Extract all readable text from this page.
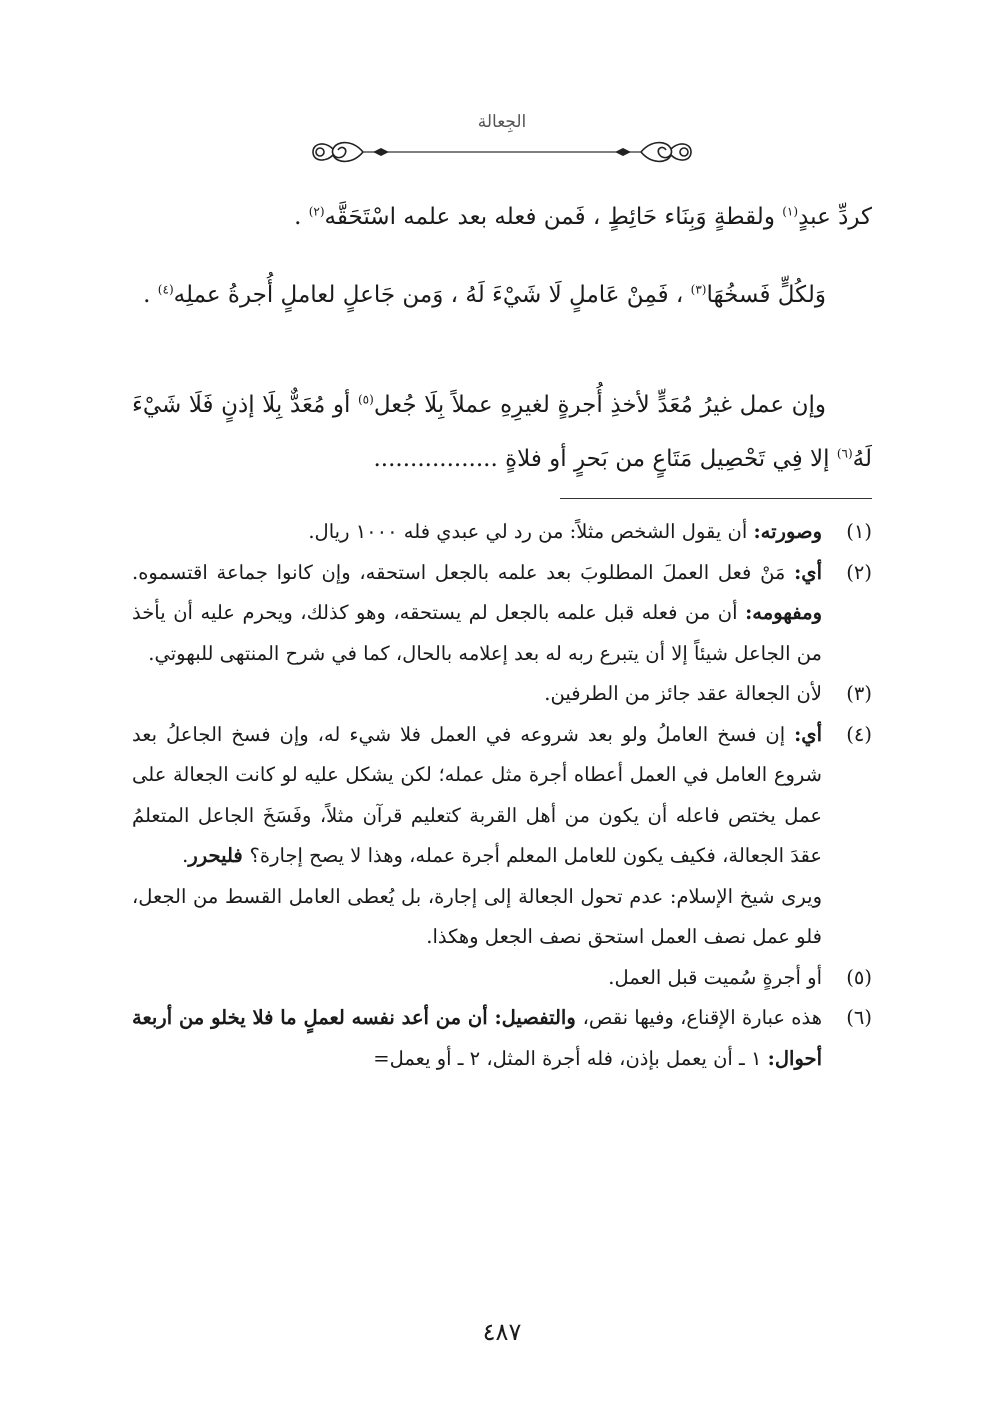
الجِعالة

كردِّ عبدٍ$^{(١)}$ ولقطةٍ وَبِنَاء حَائِطٍ ، فَمن فعله بعد علمه اسْتَحَقَّه$^{(٢)}$ .

وَلكُلٍّ فَسخُهَا$^{(٣)}$ ، فَمِنْ عَاملٍ لَا شَيْءَ لَهُ ، وَمن جَاعلٍ لعاملٍ أُجرةُ عملِه$^{(٤)}$ .

وإن عمل غيرُ مُعَدٍّ لأخذِ أُجرةٍ لغيرِهِ عملاً بِلَا جُعل$^{(٥)}$ أو مُعَدٌّ بِلَا إذنٍ فَلَا شَيْءَ لَهُ$^{(٦)}$ إلا فِي تَحْصِيل مَتَاعٍ من بَحرٍ أو فلاةٍ .................

(١)
وصورته: أن يقول الشخص مثلاً: من رد لي عبدي فله ١٠٠٠ ريال.

(٢)
أي: مَنْ فعل العملَ المطلوبَ بعد علمه بالجعل استحقه، وإن كانوا جماعة اقتسموه. ومفهومه: أن من فعله قبل علمه بالجعل لم يستحقه، وهو كذلك، ويحرم عليه أن يأخذ من الجاعل شيئاً إلا أن يتبرع ربه له بعد إعلامه بالحال، كما في شرح المنتهى للبهوتي.

(٣)
لأن الجعالة عقد جائز من الطرفين.

(٤)
أي: إن فسخ العاملُ ولو بعد شروعه في العمل فلا شيء له، وإن فسخ الجاعلُ بعد شروع العامل في العمل أعطاه أجرة مثل عمله؛ لكن يشكل عليه لو كانت الجعالة على عمل يختص فاعله أن يكون من أهل القربة كتعليم قرآن مثلاً، وفَسَخَ الجاعل المتعلمُ عقدَ الجعالة، فكيف يكون للعامل المعلم أجرة عمله، وهذا لا يصح إجارة؟ فليحرر.

ويرى شيخ الإسلام: عدم تحول الجعالة إلى إجارة، بل يُعطى العامل القسط من الجعل، فلو عمل نصف العمل استحق نصف الجعل وهكذا.

(٥)
أو أجرةٍ سُميت قبل العمل.

(٦)
هذه عبارة الإقناع، وفيها نقص، والتفصيل: أن من أعد نفسه لعملٍ ما فلا يخلو من أربعة أحوال: ١ ـ أن يعمل بإذن، فله أجرة المثل، ٢ ـ أو يعمل=

٤٨٧
